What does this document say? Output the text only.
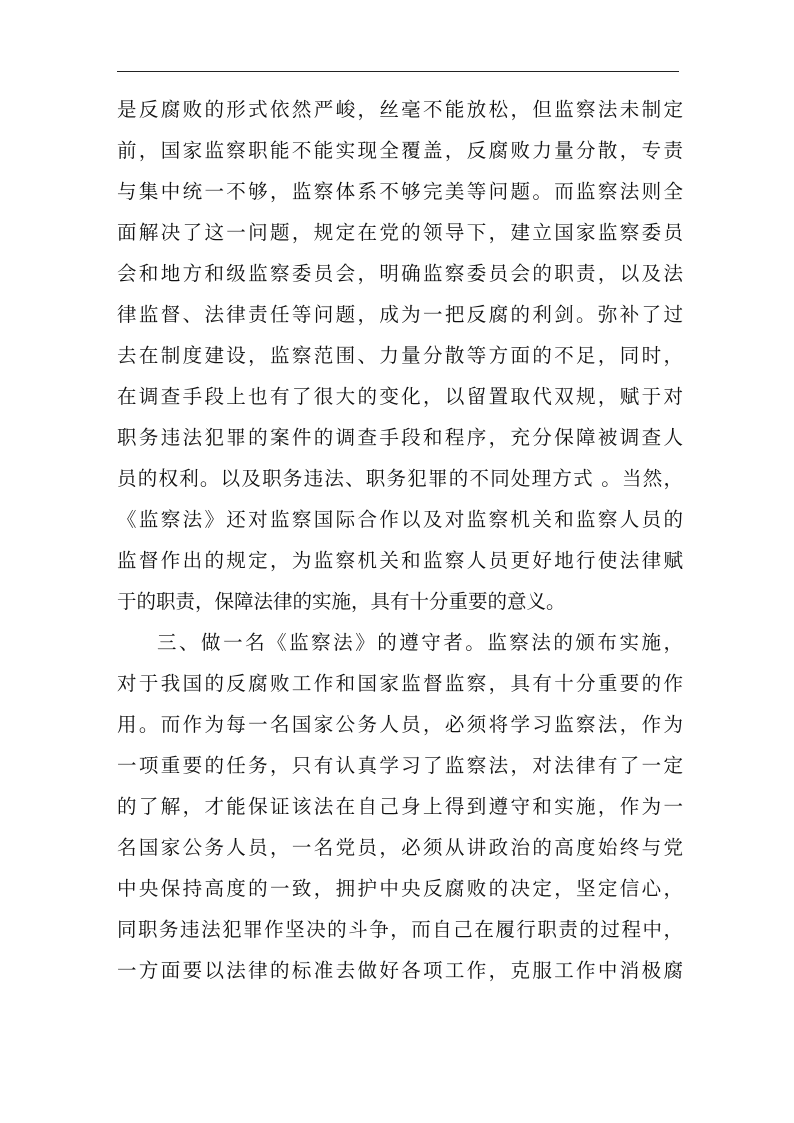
是反腐败的形式依然严峻，丝毫不能放松，但监察法未制定
前，国家监察职能不能实现全覆盖，反腐败力量分散，专责
与集中统一不够，监察体系不够完美等问题。而监察法则全
面解决了这一问题，规定在党的领导下，建立国家监察委员
会和地方和级监察委员会，明确监察委员会的职责，以及法
律监督、法律责任等问题，成为一把反腐的利剑。弥补了过
去在制度建设，监察范围、力量分散等方面的不足，同时，
在调查手段上也有了很大的变化，以留置取代双规，赋于对
职务违法犯罪的案件的调查手段和程序，充分保障被调查人
员的权利。以及职务违法、职务犯罪的不同处理方式 。当然，
《监察法》还对监察国际合作以及对监察机关和监察人员的
监督作出的规定，为监察机关和监察人员更好地行使法律赋
于的职责，保障法律的实施，具有十分重要的意义。
三、做一名《监察法》的遵守者。监察法的颁布实施，
对于我国的反腐败工作和国家监督监察，具有十分重要的作
用。而作为每一名国家公务人员，必须将学习监察法，作为
一项重要的任务，只有认真学习了监察法，对法律有了一定
的了解，才能保证该法在自己身上得到遵守和实施，作为一
名国家公务人员，一名党员，必须从讲政治的高度始终与党
中央保持高度的一致，拥护中央反腐败的决定，坚定信心，
同职务违法犯罪作坚决的斗争，而自己在履行职责的过程中，
一方面要以法律的标准去做好各项工作，克服工作中消极腐
